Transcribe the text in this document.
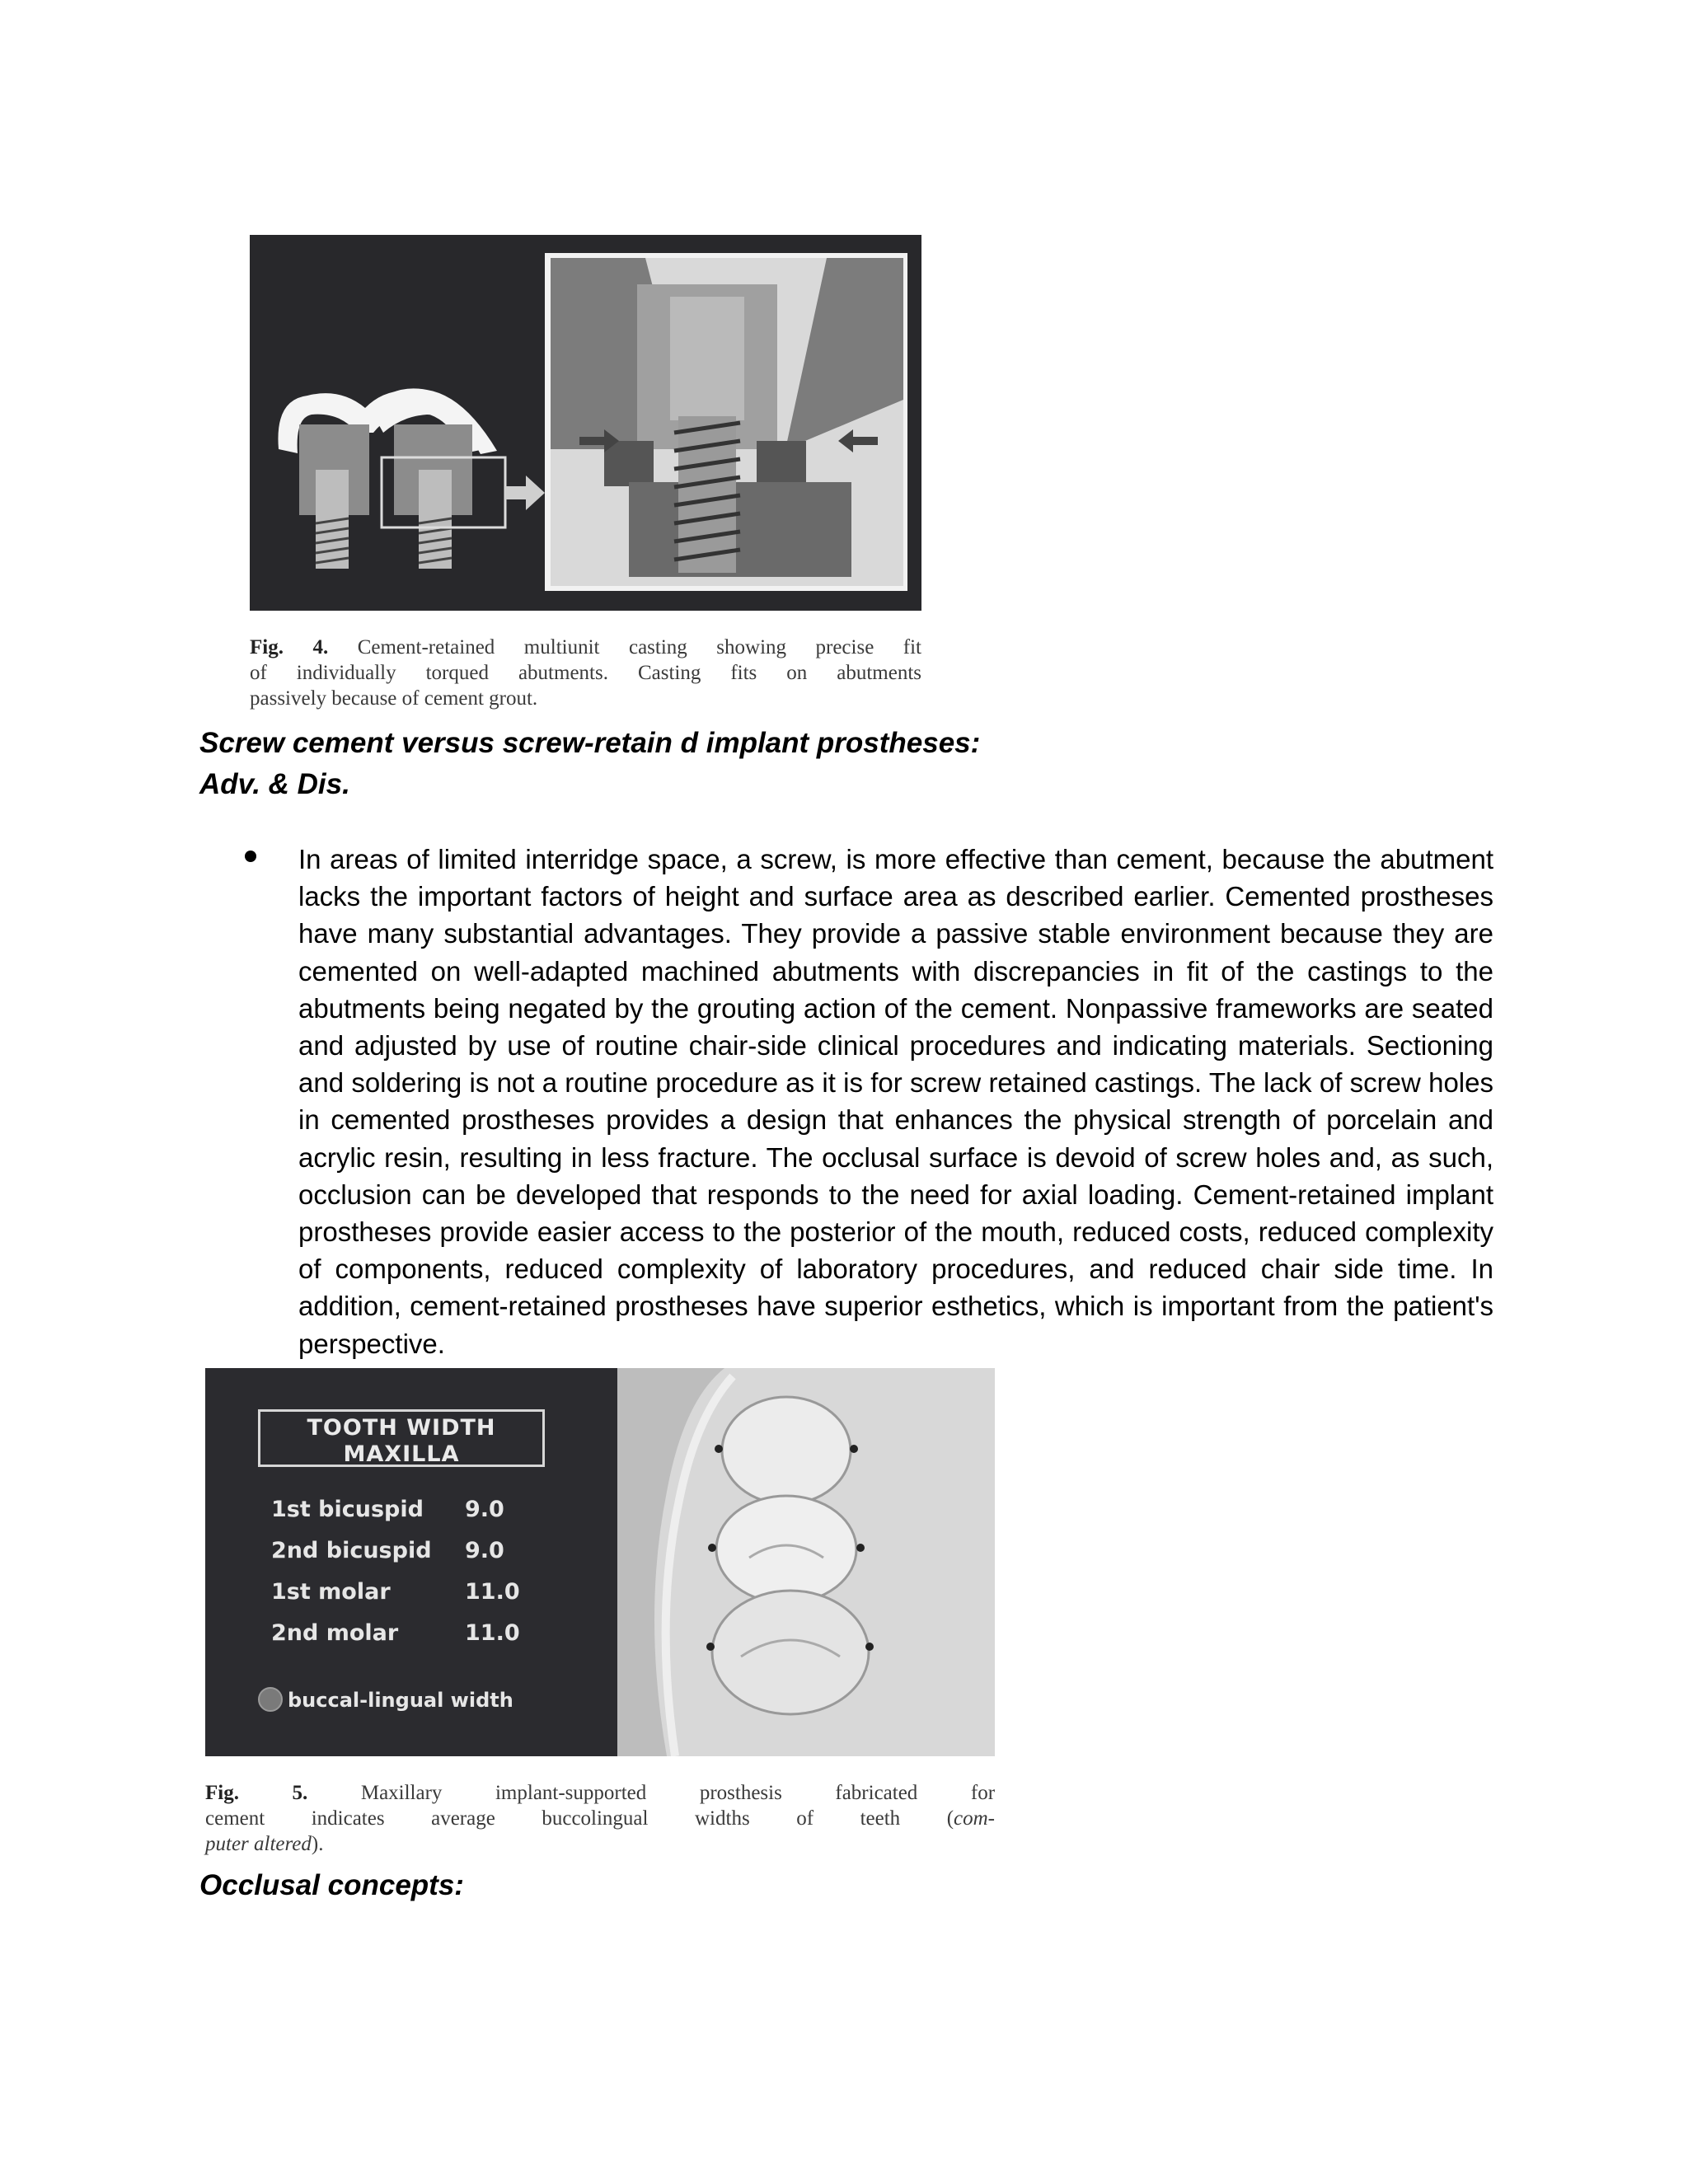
Fig. 4. Cement-retained multiunit casting showing precise fit
of individually torqued abutments. Casting fits on abutments

passively because of cement grout.
Screw cement versus screw-retain d implant prostheses:
Adv. & Dis.
In areas of limited interridge space, a screw, is more effective than cement, because the abutment lacks the important factors of height and surface area as described earlier. Cemented prostheses have many substantial advantages. They provide a passive stable environment because they are cemented on well-adapted machined abutments with discrepancies in fit of the castings to the abutments being negated by the grouting action of the cement. Nonpassive frameworks are seated and adjusted by use of routine chair-side clinical procedures and indicating materials. Sectioning and soldering is not a routine procedure as it is for screw retained castings. The lack of screw holes in cemented prostheses provides a design that enhances the physical strength of porcelain and acrylic resin, resulting in less fracture. The occlusal surface is devoid of screw holes and, as such, occlusion can be developed that responds to the need for axial loading. Cement-retained implant prostheses provide easier access to the posterior of the mouth, reduced costs, reduced complexity of components, reduced complexity of laboratory procedures, and reduced chair side time. In addition, cement-retained prostheses have superior esthetics, which is important from the patient's perspective.
TOOTH WIDTH
MAXILLA
1st bicuspid 9.0
2nd bicuspid 9.0
1st molar	11.0
2nd molar	11.0
buccal-lingual width
Fig. 5.	Maxillary implant-supported prosthesis fabricated for
cement indicates average buccolingual widths of teeth (com-

puter altered).
Occlusal concepts:
